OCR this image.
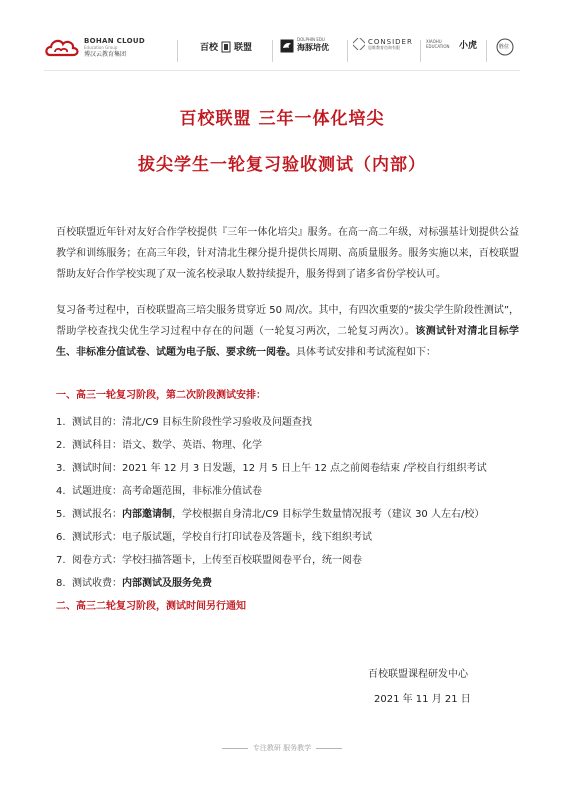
BOHAN CLOUD
Education Group
博汉云教育集团
百校 联盟
DOLPHIN EDU
海豚培优
CONSIDER
思维教育咨询有限
XIAOHU EDUCATION	小虎	胜位
百校联盟 三年一体化培尖
拔尖学生一轮复习验收测试（内部）
百校联盟近年针对友好合作学校提供『三年一体化培尖』服务。在高一高二年级，对标强基计划提供公益教学和训练服务；在高三年段，针对清北生稞分提升提供长周期、高质量服务。服务实施以来，百校联盟帮助友好合作学校实现了双一流名校录取人数持续提升，服务得到了诸多省份学校认可。
复习备考过程中，百校联盟高三培尖服务贯穿近 50 周/次。其中，有四次重要的“拔尖学生阶段性测试”，帮助学校查找尖优生学习过程中存在的问题（一轮复习两次，二轮复习两次）。该测试针对清北目标学生、非标准分值试卷、试题为电子版、要求统一阅卷。具体考试安排和考试流程如下：
一、高三一轮复习阶段，第二次阶段测试安排：
1. 测试目的：清北/C9 目标生阶段性学习验收及问题查找
2. 测试科目：语文、数学、英语、物理、化学
3. 测试时间：2021 年 12 月 3 日发题，12 月 5 日上午 12 点之前阅卷结束 /学校自行组织考试
4. 试题进度：高考命题范围，非标准分值试卷
5. 测试报名：内部邀请制，学校根据自身清北/C9 目标学生数量情况报考（建议 30 人左右/校）
6. 测试形式：电子版试题，学校自行打印试卷及答题卡，线下组织考试
7. 阅卷方式：学校扫描答题卡，上传至百校联盟阅卷平台，统一阅卷
8. 测试收费：内部测试及服务免费
二、高三二轮复习阶段，测试时间另行通知
百校联盟课程研发中心
2021 年 11 月 21 日
专注教研 服务教学
